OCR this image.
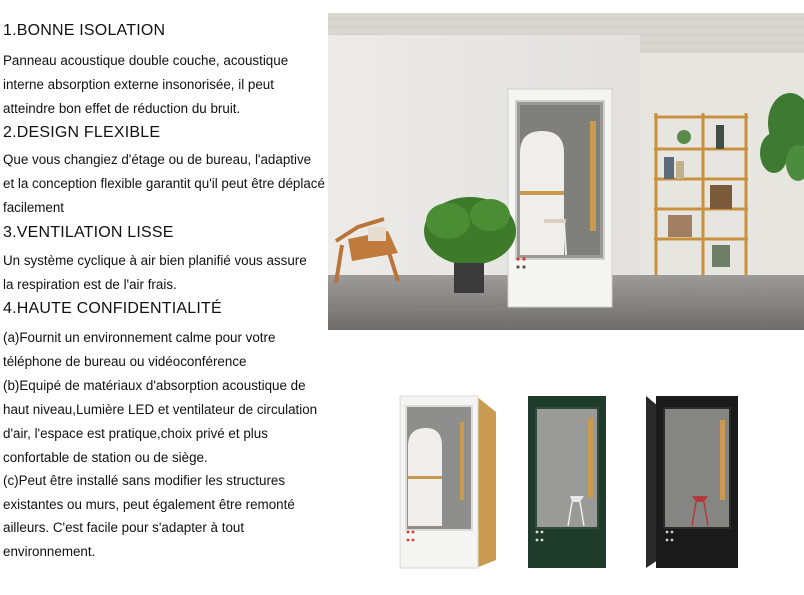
1.BONNE ISOLATION
Panneau acoustique double couche, acoustique
interne absorption externe insonorisée, il peut
atteindre bon effet de réduction du bruit.
2.DESIGN FLEXIBLE
Que vous changiez d'étage ou de bureau, l'adaptive
et la conception flexible garantit qu'il peut être déplacé
facilement
3.VENTILATION LISSE
Un système cyclique à air bien planifié vous assure
la respiration est de l'air frais.
4.HAUTE CONFIDENTIALITÉ
(a)Fournit un environnement calme pour votre
téléphone de bureau ou vidéoconférence
(b)Equipé de matériaux d'absorption acoustique de
haut niveau,Lumière LED et ventilateur de circulation
d'air, l'espace est pratique,choix privé et plus
confortable de station ou de siège.
(c)Peut être installé sans modifier les structures
existantes ou murs, peut également être remonté
ailleurs. C'est facile pour s'adapter à tout
environnement.
